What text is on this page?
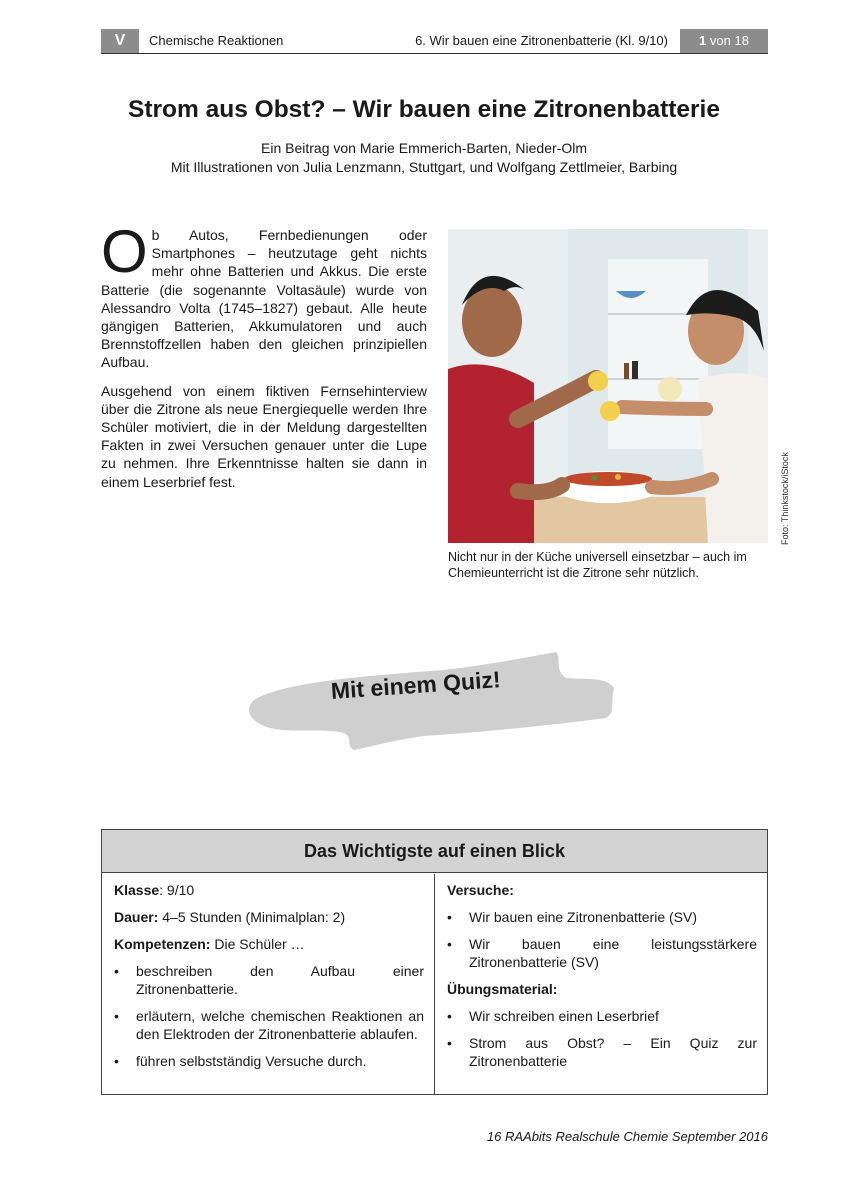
V	Chemische Reaktionen	6. Wir bauen eine Zitronenbatterie (Kl. 9/10)	1 von 18
Strom aus Obst? – Wir bauen eine Zitronenbatterie
Ein Beitrag von Marie Emmerich-Barten, Nieder-Olm
Mit Illustrationen von Julia Lenzmann, Stuttgart, und Wolfgang Zettlmeier, Barbing

Ob Autos, Fernbedienungen oder Smartphones – heutzutage geht nichts mehr ohne Batterien und Akkus. Die erste Batterie (die sogenannte Voltasäule) wurde von Alessandro Volta (1745–1827) gebaut. Alle heute gängigen Batterien, Akkumulatoren und auch Brennstoffzellen haben den gleichen prinzipiellen Aufbau.

Ausgehend von einem fiktiven Fernsehinterview über die Zitrone als neue Energiequelle werden Ihre Schüler motiviert, die in der Meldung dargestellten Fakten in zwei Versuchen genauer unter die Lupe zu nehmen. Ihre Erkenntnisse halten sie dann in einem Leserbrief fest.	Foto: Thinkstock/iStock
Nicht nur in der Küche universell einsetzbar – auch im Chemieunterricht ist die Zitrone sehr nützlich.
Mit einem Quiz!
Das Wichtigste auf einen Blick
Klasse: 9/10
Dauer: 4–5 Stunden (Minimalplan: 2)
Kompetenzen: Die Schüler …
• beschreiben den Aufbau einer Zitronenbatterie.
• erläutern, welche chemischen Reaktionen an den Elektroden der Zitronenbatterie ablaufen.
• führen selbstständig Versuche durch.
Versuche:
• Wir bauen eine Zitronenbatterie (SV)
• Wir bauen eine leistungsstärkere Zitronenbatterie (SV)
Übungsmaterial:
• Wir schreiben einen Leserbrief
• Strom aus Obst? – Ein Quiz zur Zitronenbatterie
16 RAAbits Realschule Chemie September 2016
